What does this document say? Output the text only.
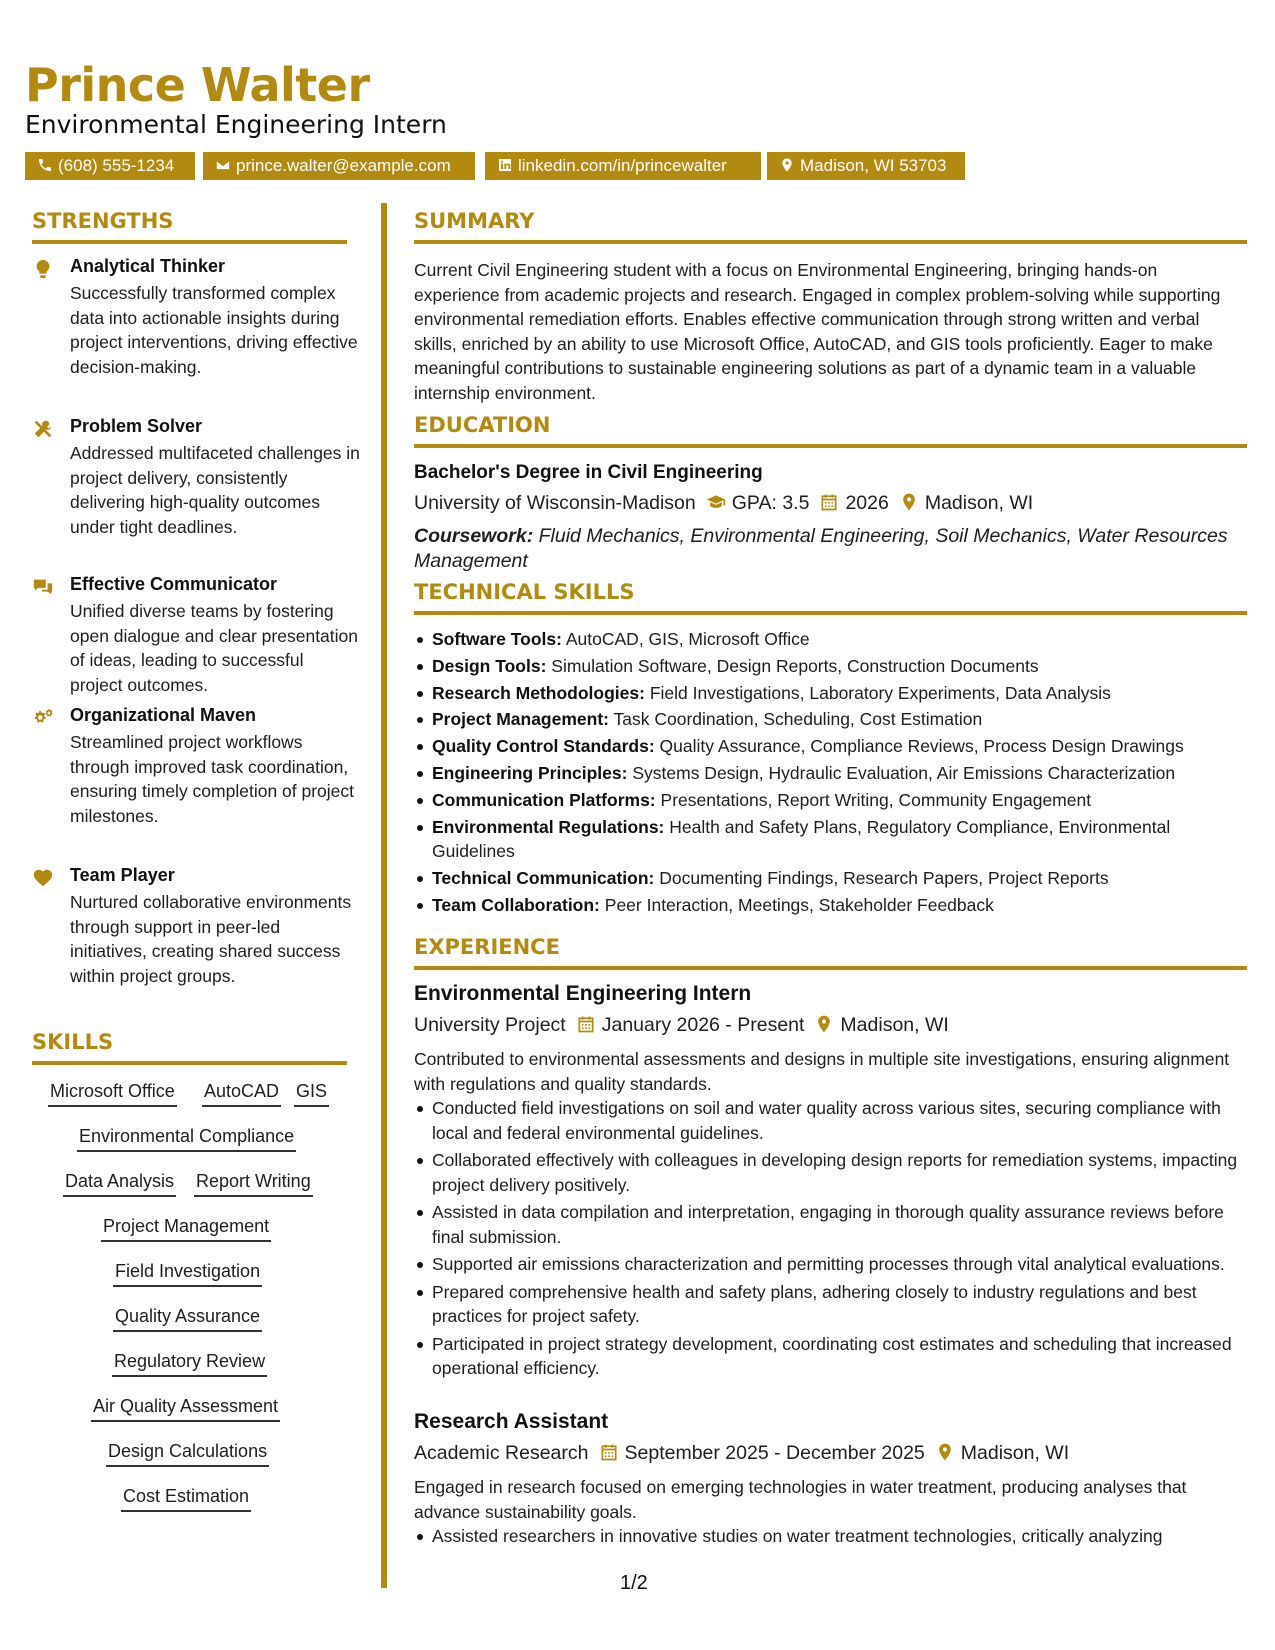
Prince Walter
Environmental Engineering Intern
(608) 555-1234	prince.walter@example.com	linkedin.com/in/princewalter	Madison, WI 53703
STRENGTHS
Analytical Thinker
Successfully transformed complex data into actionable insights during project interventions, driving effective decision-making.
Problem Solver
Addressed multifaceted challenges in project delivery, consistently delivering high-quality outcomes under tight deadlines.
Effective Communicator
Unified diverse teams by fostering open dialogue and clear presentation of ideas, leading to successful project outcomes.
Organizational Maven
Streamlined project workflows through improved task coordination, ensuring timely completion of project milestones.
Team Player
Nurtured collaborative environments through support in peer-led initiatives, creating shared success within project groups.
SKILLS
Microsoft Office AutoCAD GIS
Environmental Compliance
Data Analysis Report Writing
Project Management
Field Investigation
Quality Assurance
Regulatory Review
Air Quality Assessment
Design Calculations
Cost Estimation
SUMMARY
Current Civil Engineering student with a focus on Environmental Engineering, bringing hands-on experience from academic projects and research. Engaged in complex problem-solving while supporting environmental remediation efforts. Enables effective communication through strong written and verbal skills, enriched by an ability to use Microsoft Office, AutoCAD, and GIS tools proficiently. Eager to make meaningful contributions to sustainable engineering solutions as part of a dynamic team in a valuable internship environment.
EDUCATION
Bachelor's Degree in Civil Engineering
University of Wisconsin-Madison GPA: 3.5 2026 Madison, WI
Coursework: Fluid Mechanics, Environmental Engineering, Soil Mechanics, Water Resources Management
TECHNICAL SKILLS
Software Tools: AutoCAD, GIS, Microsoft Office
Design Tools: Simulation Software, Design Reports, Construction Documents
Research Methodologies: Field Investigations, Laboratory Experiments, Data Analysis
Project Management: Task Coordination, Scheduling, Cost Estimation
Quality Control Standards: Quality Assurance, Compliance Reviews, Process Design Drawings
Engineering Principles: Systems Design, Hydraulic Evaluation, Air Emissions Characterization
Communication Platforms: Presentations, Report Writing, Community Engagement
Environmental Regulations: Health and Safety Plans, Regulatory Compliance, Environmental Guidelines
Technical Communication: Documenting Findings, Research Papers, Project Reports
Team Collaboration: Peer Interaction, Meetings, Stakeholder Feedback
EXPERIENCE
Environmental Engineering Intern
University Project January 2026 - Present Madison, WI
Contributed to environmental assessments and designs in multiple site investigations, ensuring alignment with regulations and quality standards.
Conducted field investigations on soil and water quality across various sites, securing compliance with local and federal environmental guidelines.
Collaborated effectively with colleagues in developing design reports for remediation systems, impacting project delivery positively.
Assisted in data compilation and interpretation, engaging in thorough quality assurance reviews before final submission.
Supported air emissions characterization and permitting processes through vital analytical evaluations.
Prepared comprehensive health and safety plans, adhering closely to industry regulations and best practices for project safety.
Participated in project strategy development, coordinating cost estimates and scheduling that increased operational efficiency.
Research Assistant
Academic Research September 2025 - December 2025 Madison, WI
Engaged in research focused on emerging technologies in water treatment, producing analyses that advance sustainability goals.
Assisted researchers in innovative studies on water treatment technologies, critically analyzing
1/2
